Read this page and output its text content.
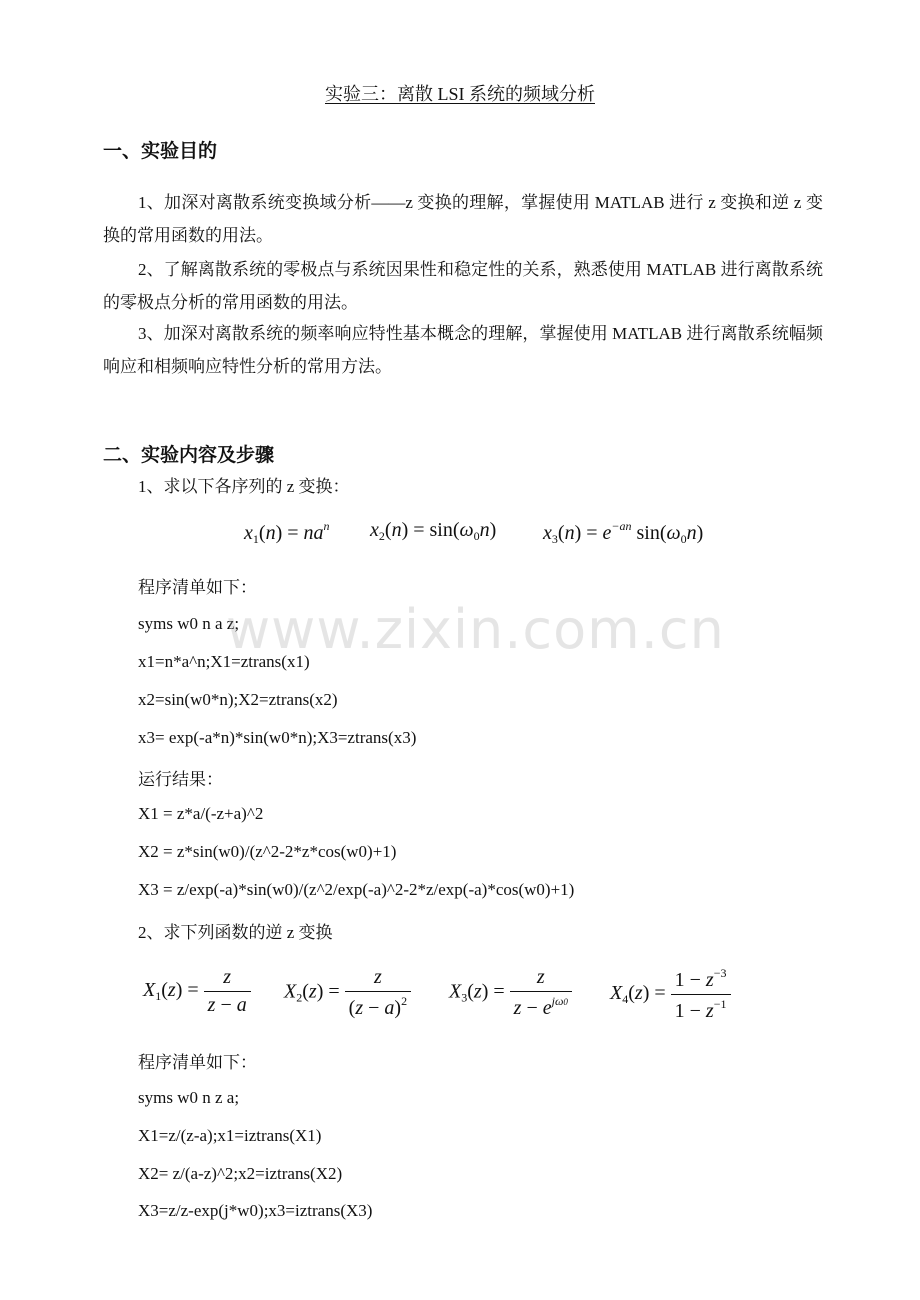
实验三：离散 LSI 系统的频域分析
一、实验目的
1、加深对离散系统变换域分析——z 变换的理解，掌握使用 MATLAB 进行 z 变换和逆 z 变换的常用函数的用法。
2、了解离散系统的零极点与系统因果性和稳定性的关系，熟悉使用 MATLAB 进行离散系统的零极点分析的常用函数的用法。
3、加深对离散系统的频率响应特性基本概念的理解，掌握使用 MATLAB 进行离散系统幅频响应和相频响应特性分析的常用方法。
二、实验内容及步骤
1、求以下各序列的 z 变换：
$x_1(n) = na^n$ $x_2(n) = \sin(\omega_0n) x_3(n) = e^{-an}$ $\sin(\omega_0n)$
程序清单如下：
syms w0 n a z;
x1=n*a^n;X1=ztrans(x1)
x2=sin(w0*n);X2=ztrans(x2)
x3= exp(-a*n)*sin(w0*n);X3=ztrans(x3)
运行结果：
X1 = z*a/(-z+a)^2
X2 = z*sin(w0)/(z^2-2*z*cos(w0)+1)
X3 = z/exp(-a)*sin(w0)/(z^2/exp(-a)^2-2*z/exp(-a)*cos(w0)+1)
2、求下列函数的逆 z 变换
$X_1(z) = \frac{z}{z - a} X_2(z) = \frac{z}{(z - a)^2} X_3(z) = \frac{z}{z - e^{j\omega 0}} X_4(z) = \frac{1 - z^{-3}}{1 - z^{-1}}$
程序清单如下：
syms w0 n z a;
X1=z/(z-a);x1=iztrans(X1)
X2= z/(a-z)^2;x2=iztrans(X2)
X3=z/z-exp(j*w0);x3=iztrans(X3)
www.zixin.com.cn
